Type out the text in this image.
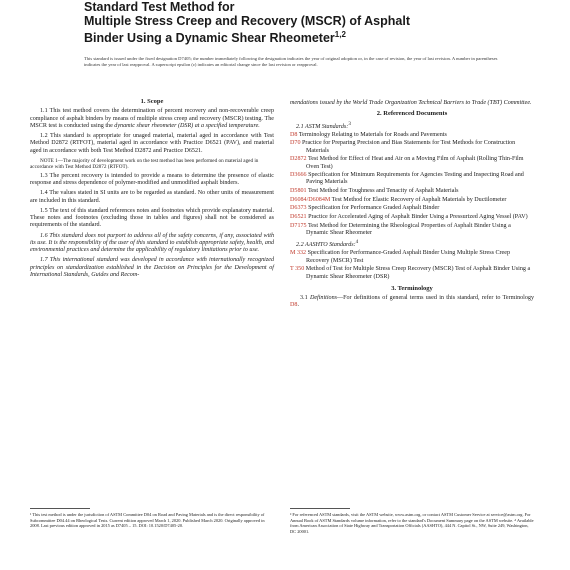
Standard Test Method for

Multiple Stress Creep and Recovery (MSCR) of Asphalt

Binder Using a Dynamic Shear Rheometer$^{1,2}$

This standard is issued under the fixed designation D7405; the number immediately following the designation indicates the year of original adoption or, in the case of revision, the year of last revision. A number in parentheses indicates the year of last reapproval. A superscript epsilon (ε) indicates an editorial change since the last revision or reapproval.

1. Scope

1.1 This test method covers the determination of percent recovery and non-recoverable creep compliance of asphalt binders by means of multiple stress creep and recovery (MSCR) testing. The MSCR test is conducted using the dynamic shear rheometer (DSR) at a specified temperature.

1.2 This standard is appropriate for unaged material, material aged in accordance with Test Method D2872 (RTFOT), material aged in accordance with Practice D6521 (PAV), and material aged in accordance with both Test Method D2872 and Practice D6521.

NOTE 1—The majority of development work on the test method has been performed on material aged in accordance with Test Method D2872 (RTFOT).

1.3 The percent recovery is intended to provide a means to determine the presence of elastic response and stress dependence of polymer-modified and unmodified asphalt binders.

1.4 The values stated in SI units are to be regarded as standard. No other units of measurement are included in this standard.

1.5 The text of this standard references notes and footnotes which provide explanatory material. These notes and footnotes (excluding those in tables and figures) shall not be considered as requirements of the standard.

1.6 This standard does not purport to address all of the safety concerns, if any, associated with its use. It is the responsibility of the user of this standard to establish appropriate safety, health, and environmental practices and determine the applicability of regulatory limitations prior to use.

1.7 This international standard was developed in accordance with internationally recognized principles on standardization established in the Decision on Principles for the Development of International Standards, Guides and Recom-

mendations issued by the World Trade Organization Technical Barriers to Trade (TBT) Committee.

2. Referenced Documents

2.1 ASTM Standards:$^3$

D8 Terminology Relating to Materials for Roads and Pavements

D70 Practice for Preparing Precision and Bias Statements for Test Methods for Construction Materials

D2872 Test Method for Effect of Heat and Air on a Moving Film of Asphalt (Rolling Thin-Film Oven Test)

D3666 Specification for Minimum Requirements for Agencies Testing and Inspecting Road and Paving Materials

D5801 Test Method for Toughness and Tenacity of Asphalt Materials

D6084/D6084M Test Method for Elastic Recovery of Asphalt Materials by Ductilometer

D6373 Specification for Performance Graded Asphalt Binder

D6521 Practice for Accelerated Aging of Asphalt Binder Using a Pressurized Aging Vessel (PAV)

D7175 Test Method for Determining the Rheological Properties of Asphalt Binder Using a Dynamic Shear Rheometer

2.2 AASHTO Standards:$^4$

M 332 Specification for Performance-Graded Asphalt Binder Using Multiple Stress Creep Recovery (MSCR) Test

T 350 Method of Test for Multiple Stress Creep Recovery (MSCR) Test of Asphalt Binder Using a Dynamic Shear Rheometer (DSR)

3. Terminology

3.1 Definitions—For definitions of general terms used in this standard, refer to Terminology D8.

¹ This test method is under the jurisdiction of ASTM Committee D04 on Road and Paving Materials and is the direct responsibility of Subcommittee D04.44 on Rheological Tests. Current edition approved March 1, 2020. Published March 2020. Originally approved in 2008. Last previous edition approved in 2015 as D7405 – 15. DOI: 10.1520/D7405-20.
³ For referenced ASTM standards, visit the ASTM website, www.astm.org, or contact ASTM Customer Service at service@astm.org. For Annual Book of ASTM Standards volume information, refer to the standard's Document Summary page on the ASTM website. ⁴ Available from American Association of State Highway and Transportation Officials (AASHTO), 444 N. Capitol St., NW, Suite 249, Washington, DC 20001.
